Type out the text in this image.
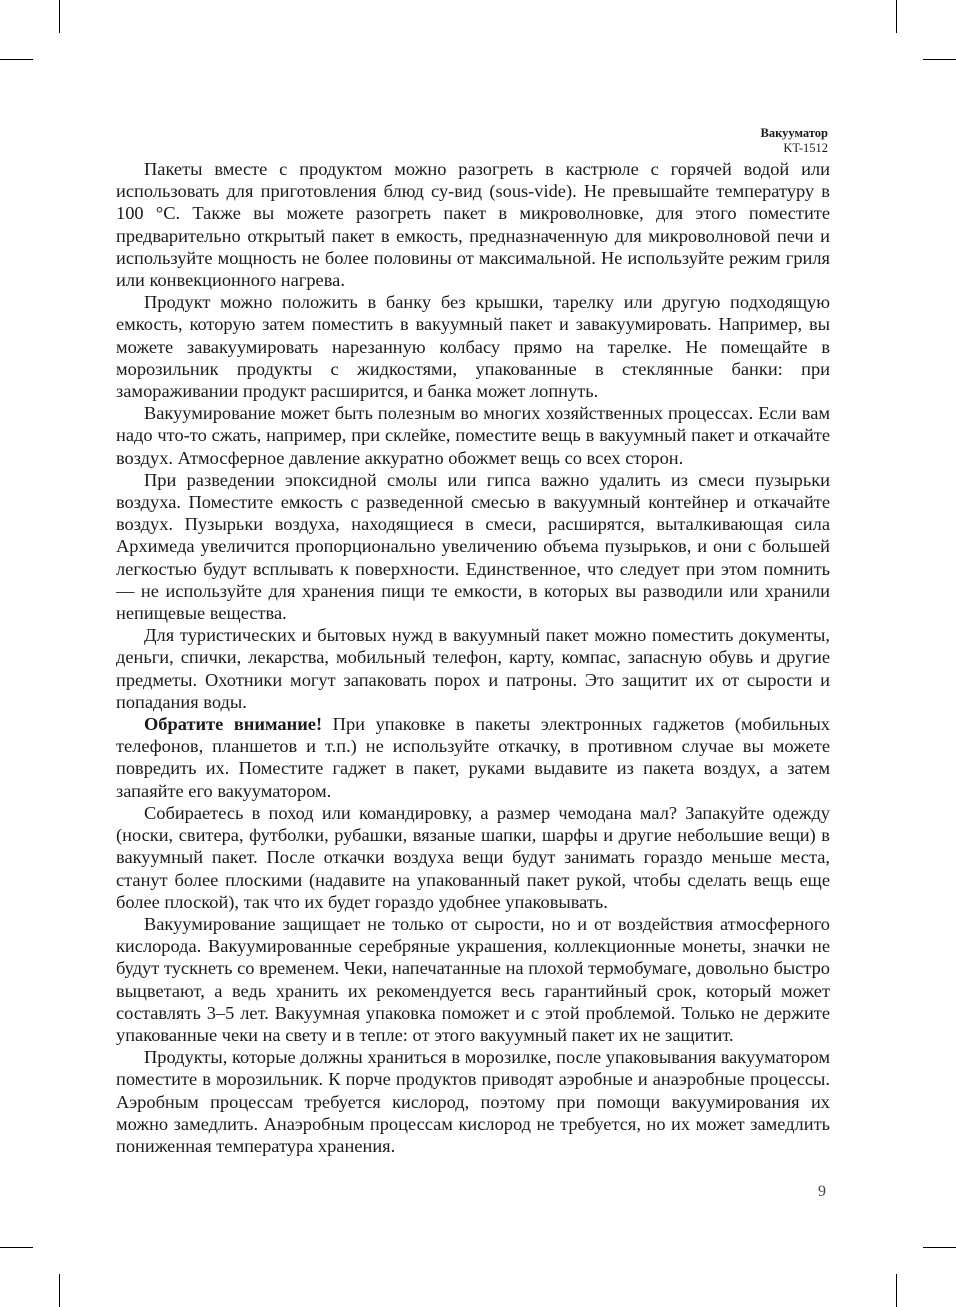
Вакууматор
KT-1512

Пакеты вместе с продуктом можно разогреть в кастрюле с горячей водой или использовать для приготовления блюд су-вид (sous-vide). Не превышайте температуру в 100 °C. Также вы можете разогреть пакет в микроволновке, для этого поместите предварительно открытый пакет в емкость, предназначенную для микроволновой печи и используйте мощность не более половины от максимальной. Не используйте режим гриля или конвекционного нагрева.

Продукт можно положить в банку без крышки, тарелку или другую подходящую емкость, которую затем поместить в вакуумный пакет и завакуумировать. Например, вы можете завакуумировать нарезанную колбасу прямо на тарелке. Не помещайте в морозильник продукты с жидкостями, упакованные в стеклянные банки: при замораживании продукт расширится, и банка может лопнуть.

Вакуумирование может быть полезным во многих хозяйственных процессах. Если вам надо что-то сжать, например, при склейке, поместите вещь в вакуумный пакет и откачайте воздух. Атмосферное давление аккуратно обожмет вещь со всех сторон.

При разведении эпоксидной смолы или гипса важно удалить из смеси пузырьки воздуха. Поместите емкость с разведенной смесью в вакуумный контейнер и откачайте воздух. Пузырьки воздуха, находящиеся в смеси, расширятся, выталкивающая сила Архимеда увеличится пропорционально увеличению объема пузырьков, и они с большей легкостью будут всплывать к поверхности. Единственное, что следует при этом помнить — не используйте для хранения пищи те емкости, в которых вы разводили или хранили непищевые вещества.

Для туристических и бытовых нужд в вакуумный пакет можно поместить документы, деньги, спички, лекарства, мобильный телефон, карту, компас, запасную обувь и другие предметы. Охотники могут запаковать порох и патроны. Это защитит их от сырости и попадания воды.

Обратите внимание! При упаковке в пакеты электронных гаджетов (мобильных телефонов, планшетов и т.п.) не используйте откачку, в противном случае вы можете повредить их. Поместите гаджет в пакет, руками выдавите из пакета воздух, а затем запаяйте его вакууматором.

Собираетесь в поход или командировку, а размер чемодана мал? Запакуйте одежду (носки, свитера, футболки, рубашки, вязаные шапки, шарфы и другие небольшие вещи) в вакуумный пакет. После откачки воздуха вещи будут занимать гораздо меньше места, станут более плоскими (надавите на упакованный пакет рукой, чтобы сделать вещь еще более плоской), так что их будет гораздо удобнее упаковывать.

Вакуумирование защищает не только от сырости, но и от воздействия атмосферного кислорода. Вакуумированные серебряные украшения, коллекционные монеты, значки не будут тускнеть со временем. Чеки, напечатанные на плохой термобумаге, довольно быстро выцветают, а ведь хранить их рекомендуется весь гарантийный срок, который может составлять 3–5 лет. Вакуумная упаковка поможет и с этой проблемой. Только не держите упакованные чеки на свету и в тепле: от этого вакуумный пакет их не защитит.

Продукты, которые должны храниться в морозилке, после упаковывания вакууматором поместите в морозильник. К порче продуктов приводят аэробные и анаэробные процессы. Аэробным процессам требуется кислород, поэтому при помощи вакуумирования их можно замедлить. Анаэробным процессам кислород не требуется, но их может замедлить пониженная температура хранения.

9
